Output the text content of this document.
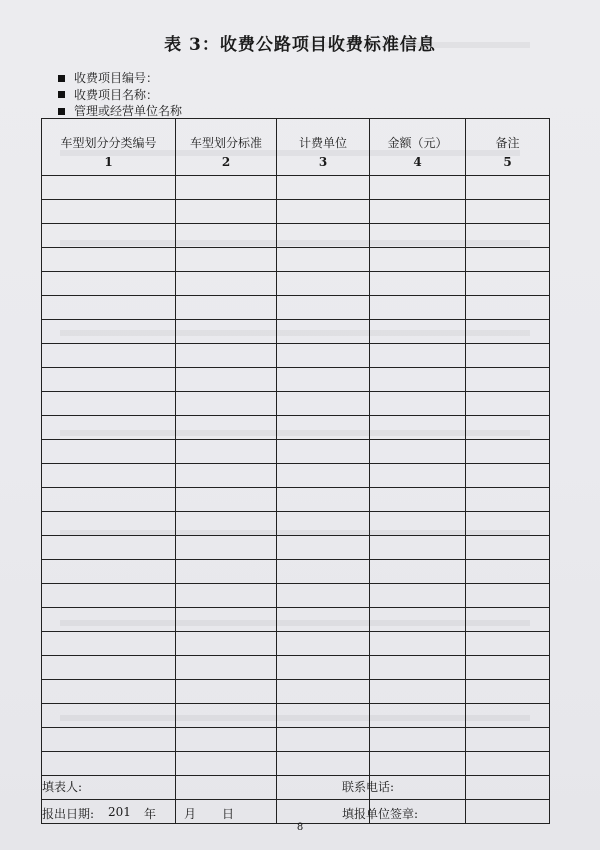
表 3：收费公路项目收费标准信息
收费项目编号：
收费项目名称：
管理或经营单位名称
车型划分分类编号	车型划分标准	计费单位	金额（元）	备注
1	2	3	4	5

填表人:	联系电话:
报出日期: 201 年 月 日	填报单位签章:
8
